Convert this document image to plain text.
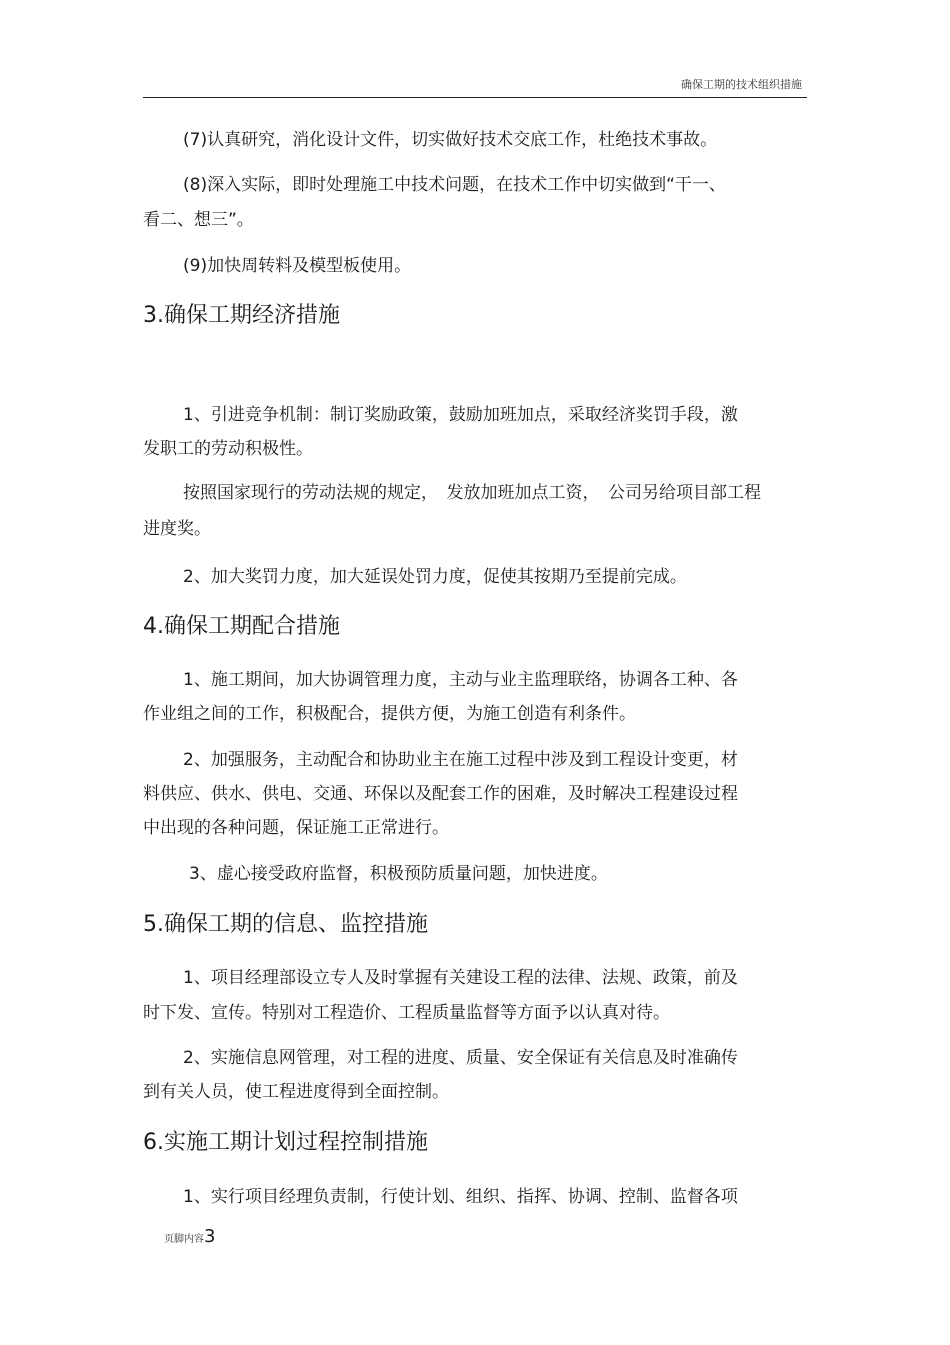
确保工期的技术组织措施
(7)认真研究，消化设计文件，切实做好技术交底工作，杜绝技术事故。
(8)深入实际，即时处理施工中技术问题，在技术工作中切实做到“干一、
看二、想三”。
(9)加快周转料及模型板使用。
3.确保工期经济措施
1、引进竞争机制：制订奖励政策，鼓励加班加点，采取经济奖罚手段，激
发职工的劳动积极性。
按照国家现行的劳动法规的规定，　发放加班加点工资，　公司另给项目部工程
进度奖。
2、加大奖罚力度，加大延误处罚力度，促使其按期乃至提前完成。
4.确保工期配合措施
1、施工期间，加大协调管理力度，主动与业主监理联络，协调各工种、各
作业组之间的工作，积极配合，提供方便，为施工创造有利条件。
2、加强服务，主动配合和协助业主在施工过程中涉及到工程设计变更，材
料供应、供水、供电、交通、环保以及配套工作的困难，及时解决工程建设过程
中出现的各种问题，保证施工正常进行。
3、虚心接受政府监督，积极预防质量问题，加快进度。
5.确保工期的信息、监控措施
1、项目经理部设立专人及时掌握有关建设工程的法律、法规、政策，前及
时下发、宣传。特别对工程造价、工程质量监督等方面予以认真对待。
2、实施信息网管理，对工程的进度、质量、安全保证有关信息及时准确传
到有关人员，使工程进度得到全面控制。
6.实施工期计划过程控制措施
1、实行项目经理负责制，行使计划、组织、指挥、协调、控制、监督各项
页脚内容3
